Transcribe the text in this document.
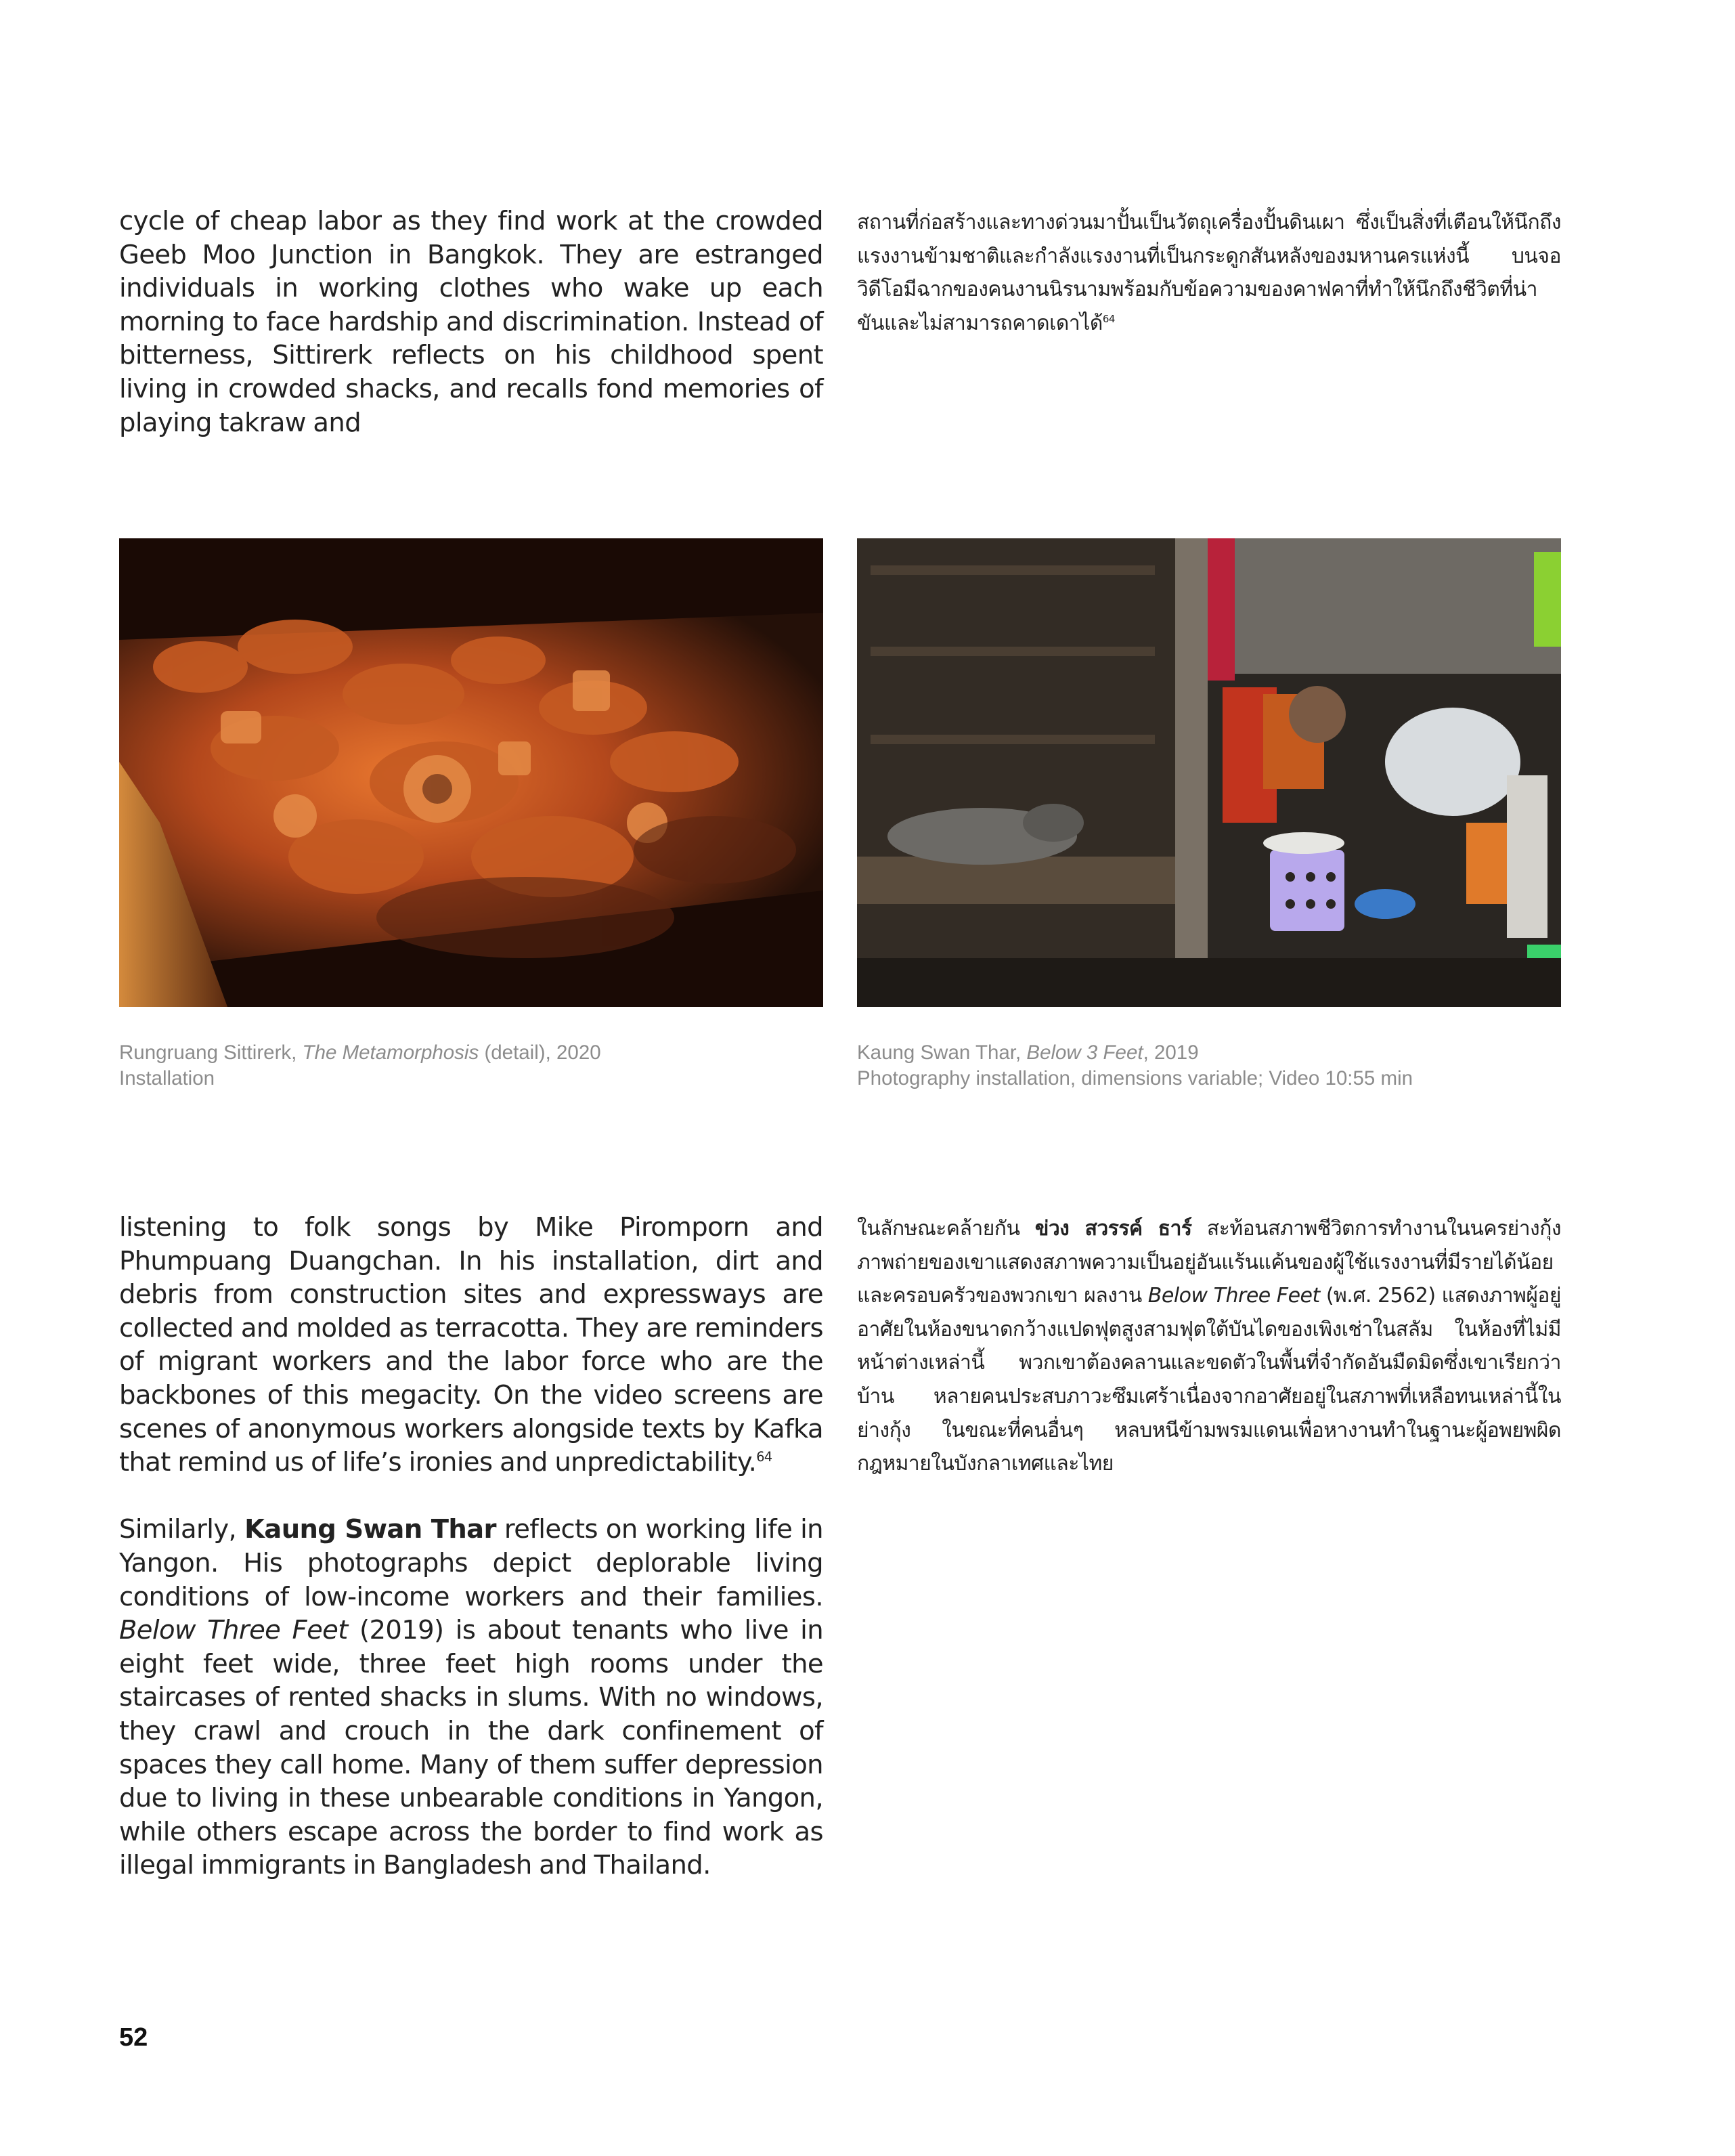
cycle of cheap labor as they find work at the crowded Geeb Moo Junction in Bangkok. They are estranged individuals in working clothes who wake up each morning to face hardship and discrimination. Instead of bitterness, Sittirerk reflects on his childhood spent living in crowded shacks, and recalls fond memories of playing takraw and

สถานที่ก่อสร้างและทางด่วนมาปั้นเป็นวัตถุเครื่องปั้นดินเผา ซึ่งเป็นสิ่งที่เตือนให้นึกถึงแรงงานข้ามชาติและกำลังแรงงานที่เป็นกระดูกสันหลังของมหานครแห่งนี้ บนจอวิดีโอมีฉากของคนงานนิรนามพร้อมกับข้อความของคาฟคาที่ทำให้นึกถึงชีวิตที่น่าขันและไม่สามารถคาดเดาได้$^{64}$

Rungruang Sittirerk, The Metamorphosis (detail), 2020
Installation
Kaung Swan Thar, Below 3 Feet, 2019
Photography installation, dimensions variable; Video 10:55 min

listening to folk songs by Mike Piromporn and Phumpuang Duangchan. In his installation, dirt and debris from construction sites and expressways are collected and molded as terracotta. They are reminders of migrant workers and the labor force who are the backbones of this megacity. On the video screens are scenes of anonymous workers alongside texts by Kafka that remind us of life’s ironies and unpredictability.$^{64}$

Similarly, Kaung Swan Thar reflects on working life in Yangon. His photographs depict deplorable living conditions of low-income workers and their families. Below Three Feet (2019) is about tenants who live in eight feet wide, three feet high rooms under the staircases of rented shacks in slums. With no windows, they crawl and crouch in the dark confinement of spaces they call home. Many of them suffer depression due to living in these unbearable conditions in Yangon, while others escape across the border to find work as illegal immigrants in Bangladesh and Thailand.

ในลักษณะคล้ายกัน ข่วง สวรรค์ ธาร์ สะท้อนสภาพชีวิตการทำงานในนครย่างกุ้ง ภาพถ่ายของเขาแสดงสภาพความเป็นอยู่อันแร้นแค้นของผู้ใช้แรงงานที่มีรายได้น้อยและครอบครัวของพวกเขา ผลงาน Below Three Feet (พ.ศ. 2562) แสดงภาพผู้อยู่อาศัยในห้องขนาดกว้างแปดฟุตสูงสามฟุตใต้บันไดของเพิงเช่าในสลัม ในห้องที่ไม่มีหน้าต่างเหล่านี้ พวกเขาต้องคลานและขดตัวในพื้นที่จำกัดอันมืดมิดซึ่งเขาเรียกว่าบ้าน หลายคนประสบภาวะซึมเศร้าเนื่องจากอาศัยอยู่ในสภาพที่เหลือทนเหล่านี้ในย่างกุ้ง ในขณะที่คนอื่นๆ หลบหนีข้ามพรมแดนเพื่อหางานทำในฐานะผู้อพยพผิดกฎหมายในบังกลาเทศและไทย

52
